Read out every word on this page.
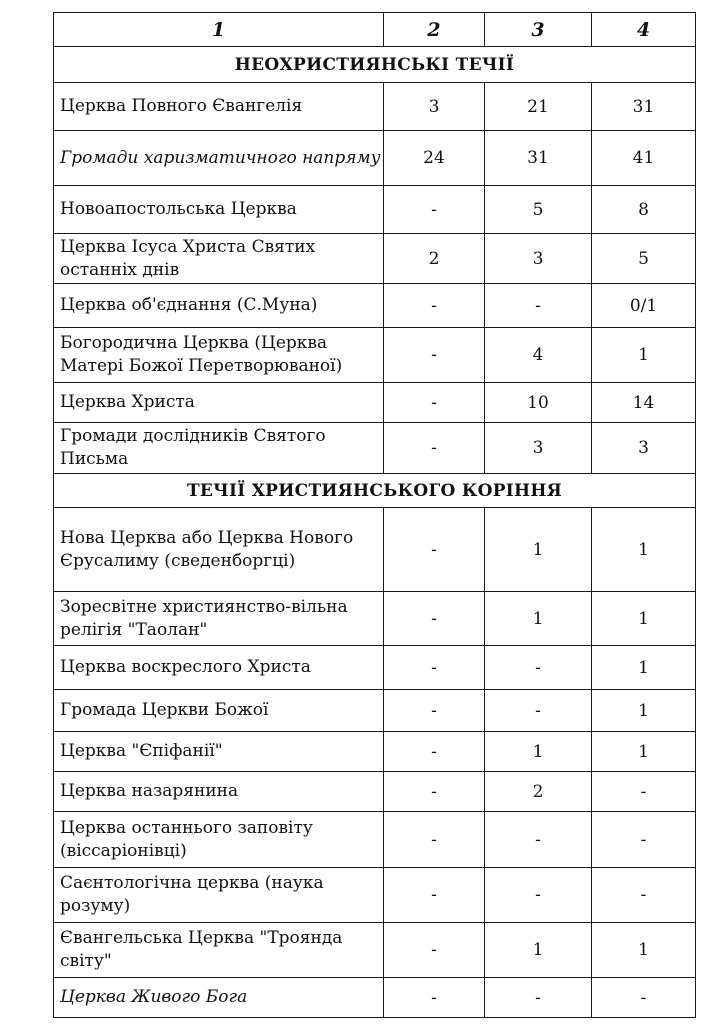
1	2	3	4
НЕОХРИСТИЯНСЬКІ ТЕЧІЇ			
Церква Повного Євангелія	3	21	31
Громади харизматичного напряму	24	31	41
Новоапостольська Церква	-	5	8
Церква Ісуса Христа Святих останніх днів	2	3	5
Церква об'єднання (С.Муна)	-	-	0/1
Богородична Церква (Церква Матері Божої Перетворюваної)	-	4	1
Церква Христа	-	10	14
Громади дослідників Святого Письма	-	3	3
ТЕЧІЇ ХРИСТИЯНСЬКОГО КОРІННЯ			
Нова Церква або Церква Нового Єрусалиму (сведенборгці)	-	1	1
Зоресвітне християнство-вільна релігія "Таолан"	-	1	1
Церква воскреслого Христа	-	-	1
Громада Церкви Божої	-	-	1
Церква "Єпіфанії"	-	1	1
Церква назарянина	-	2	-
Церква останнього заповіту (віссаріонівці)	-	-	-
Саєнтологічна церква (наука розуму)	-	-	-
Євангельська Церква "Троянда світу"	-	1	1
Церква Живого Бога	-	-	-
